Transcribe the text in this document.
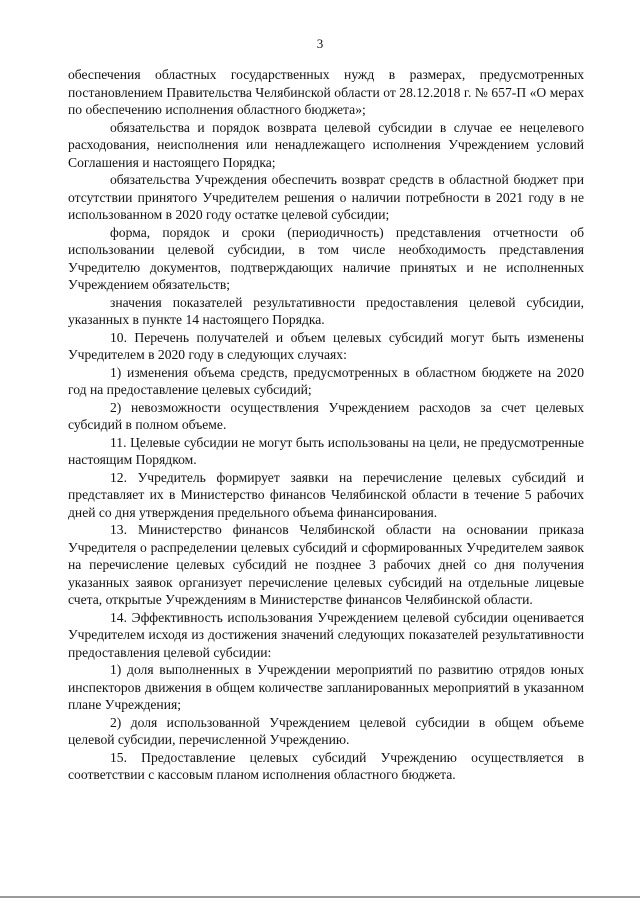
3

обеспечения областных государственных нужд в размерах, предусмотренных постановлением Правительства Челябинской области от 28.12.2018 г. № 657-П «О мерах по обеспечению исполнения областного бюджета»;

обязательства и порядок возврата целевой субсидии в случае ее нецелевого расходования, неисполнения или ненадлежащего исполнения Учреждением условий Соглашения и настоящего Порядка;

обязательства Учреждения обеспечить возврат средств в областной бюджет при отсутствии принятого Учредителем решения о наличии потребности в 2021 году в не использованном в 2020 году остатке целевой субсидии;

форма, порядок и сроки (периодичность) представления отчетности об использовании целевой субсидии, в том числе необходимость представления Учредителю документов, подтверждающих наличие принятых и не исполненных Учреждением обязательств;

значения показателей результативности предоставления целевой субсидии, указанных в пункте 14 настоящего Порядка.

10. Перечень получателей и объем целевых субсидий могут быть изменены Учредителем в 2020 году в следующих случаях:

1) изменения объема средств, предусмотренных в областном бюджете на 2020 год на предоставление целевых субсидий;

2) невозможности осуществления Учреждением расходов за счет целевых субсидий в полном объеме.

11. Целевые субсидии не могут быть использованы на цели, не предусмотренные настоящим Порядком.

12. Учредитель формирует заявки на перечисление целевых субсидий и представляет их в Министерство финансов Челябинской области в течение 5 рабочих дней со дня утверждения предельного объема финансирования.

13. Министерство финансов Челябинской области на основании приказа Учредителя о распределении целевых субсидий и сформированных Учредителем заявок на перечисление целевых субсидий не позднее 3 рабочих дней со дня получения указанных заявок организует перечисление целевых субсидий на отдельные лицевые счета, открытые Учреждениям в Министерстве финансов Челябинской области.

14. Эффективность использования Учреждением целевой субсидии оценивается Учредителем исходя из достижения значений следующих показателей результативности предоставления целевой субсидии:

1) доля выполненных в Учреждении мероприятий по развитию отрядов юных инспекторов движения в общем количестве запланированных мероприятий в указанном плане Учреждения;

2) доля использованной Учреждением целевой субсидии в общем объеме целевой субсидии, перечисленной Учреждению.

15. Предоставление целевых субсидий Учреждению осуществляется в соответствии с кассовым планом исполнения областного бюджета.
